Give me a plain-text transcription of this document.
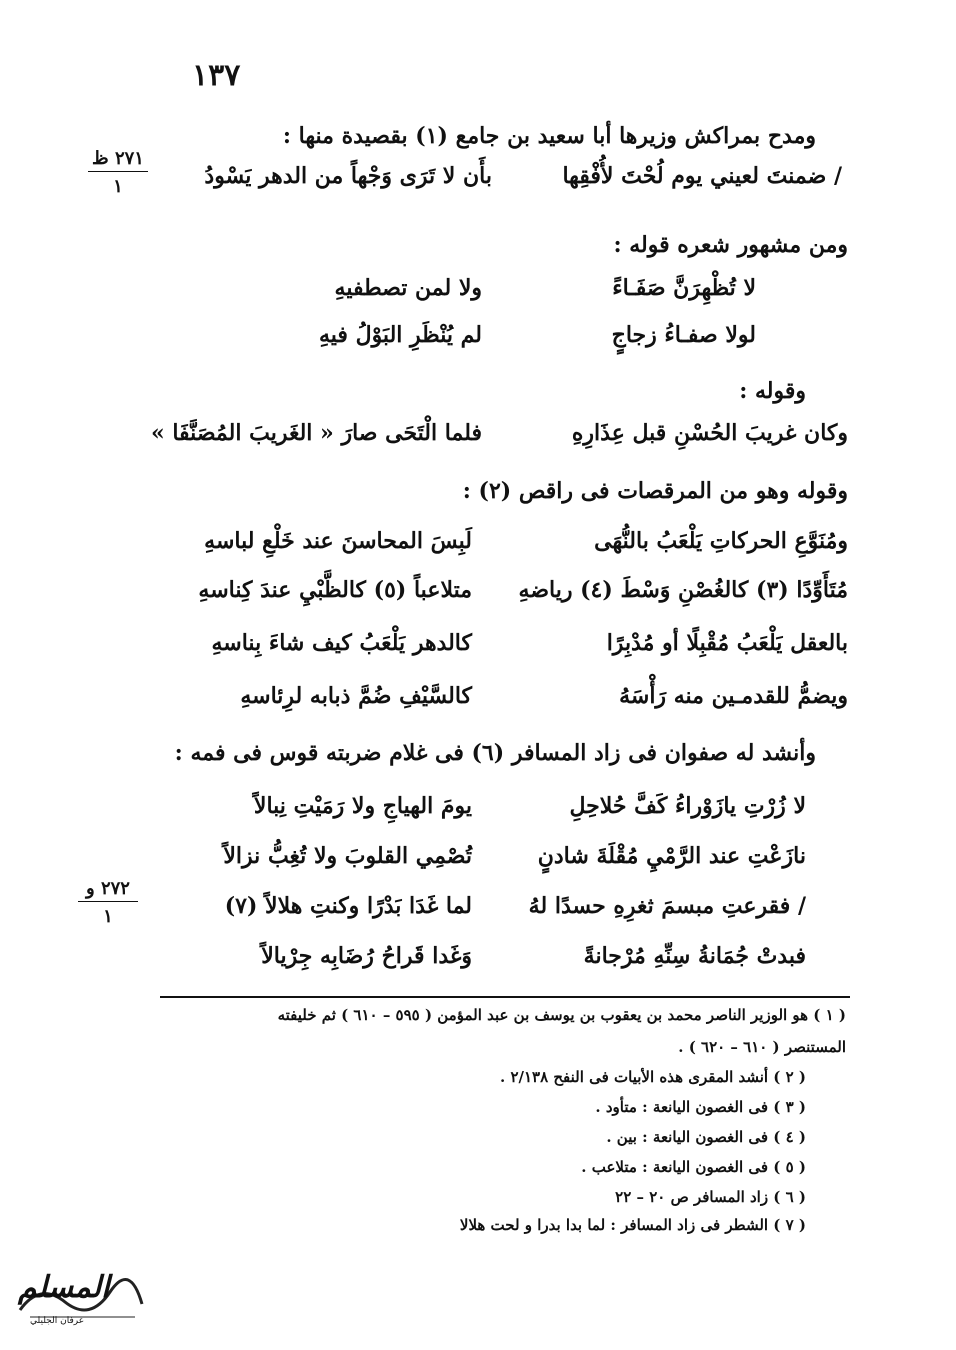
١٣٧
٢٧١ ظ
١
٢٧٢ و
١
ومدح بمراكش وزيرها أبا سعيد بن جامع (١) بقصيدة منها :
/ ضمنتَ لعيني يوم لُحْتَ لأُفْقِها
بأَن لا تَرَى وَجْهاً من الدهر يَسْودُ
ومن مشهور شعره قوله :
لا تُظْهِرَنَّ صَفَـاءً
ولا لمن تصطفيهِ
لولا صفـاءُ زجاجٍ
لم يُنْظَرِ البَوْلُ فيهِ
وقوله :
وكان غريبَ الحُسْنِ قبل عِذَارِهِ
فلما الْتَحَى صارَ « الغَريبَ المُصَنَّفَا »
وقوله وهو من المرقصات فى راقص (٢) :
ومُنَوَّعِ الحركاتِ يَلْعَبُ بالنُّهَى
لَبِسَ المحاسنَ عند خَلْعِ لباسهِ
مُتَأَوِّدًا (٣) كالغُصْنِ وَسْطَ (٤) رياضهِ
متلاعباً (٥) كالظَّبْيِ عندَ كِناسهِ
بالعقل يَلْعَبُ مُقْبِلًا أو مُدْبِرًا
كالدهر يَلْعَبُ كيف شاءَ بِناسهِ
ويضمُّ للقدمـين منه رَأْسَهُ
كالسَّيْفِ ضُمَّ ذبابه لرِئاسهِ
وأنشد له صفوان فى زاد المسافر (٦) فى غلام ضربته قوس فى فمه :
لا زُرْتِ يازَوْراءُ كَفَّ حُلاحِلِ
يومَ الهياجِ ولا رَمَيْتِ نِبالاً
نازَعْتِ عند الرَّمْيِ مُقْلَةَ شادنٍ
تُصْمِي القلوبَ ولا تُغِبُّ نزالاً
/ فقرعتِ مبسمَ ثغرِهِ حسدًا لهُ
لما غَدَا بَدْرًا وكنتِ هلالاً (٧)
فبدتْ جُمَانةُ سِنِّهِ مُرْجانةً
وَغَدا قَراحُ رُضَابِه جِرْيالاً
( ١ ) هو الوزير الناصر محمد بن يعقوب بن يوسف بن عبد المؤمن ( ٥٩٥ – ٦١٠ ) ثم خليفته
المستنصر ( ٦١٠ – ٦٢٠ ) .
( ٢ ) أنشد المقرى هذه الأبيات فى النفح ٢/١٣٨ .
( ٣ ) فى الغصون اليانعة : متأود .
( ٤ ) فى الغصون اليانعة : بين .
( ٥ ) فى الغصون اليانعة : متلاعب .
( ٦ ) زاد المسافر ص ٢٠ – ٢٢
( ٧ ) الشطر فى زاد المسافر : لما بدا بدرا و لحت هلالا
المسلم
عرفان الجليلي
